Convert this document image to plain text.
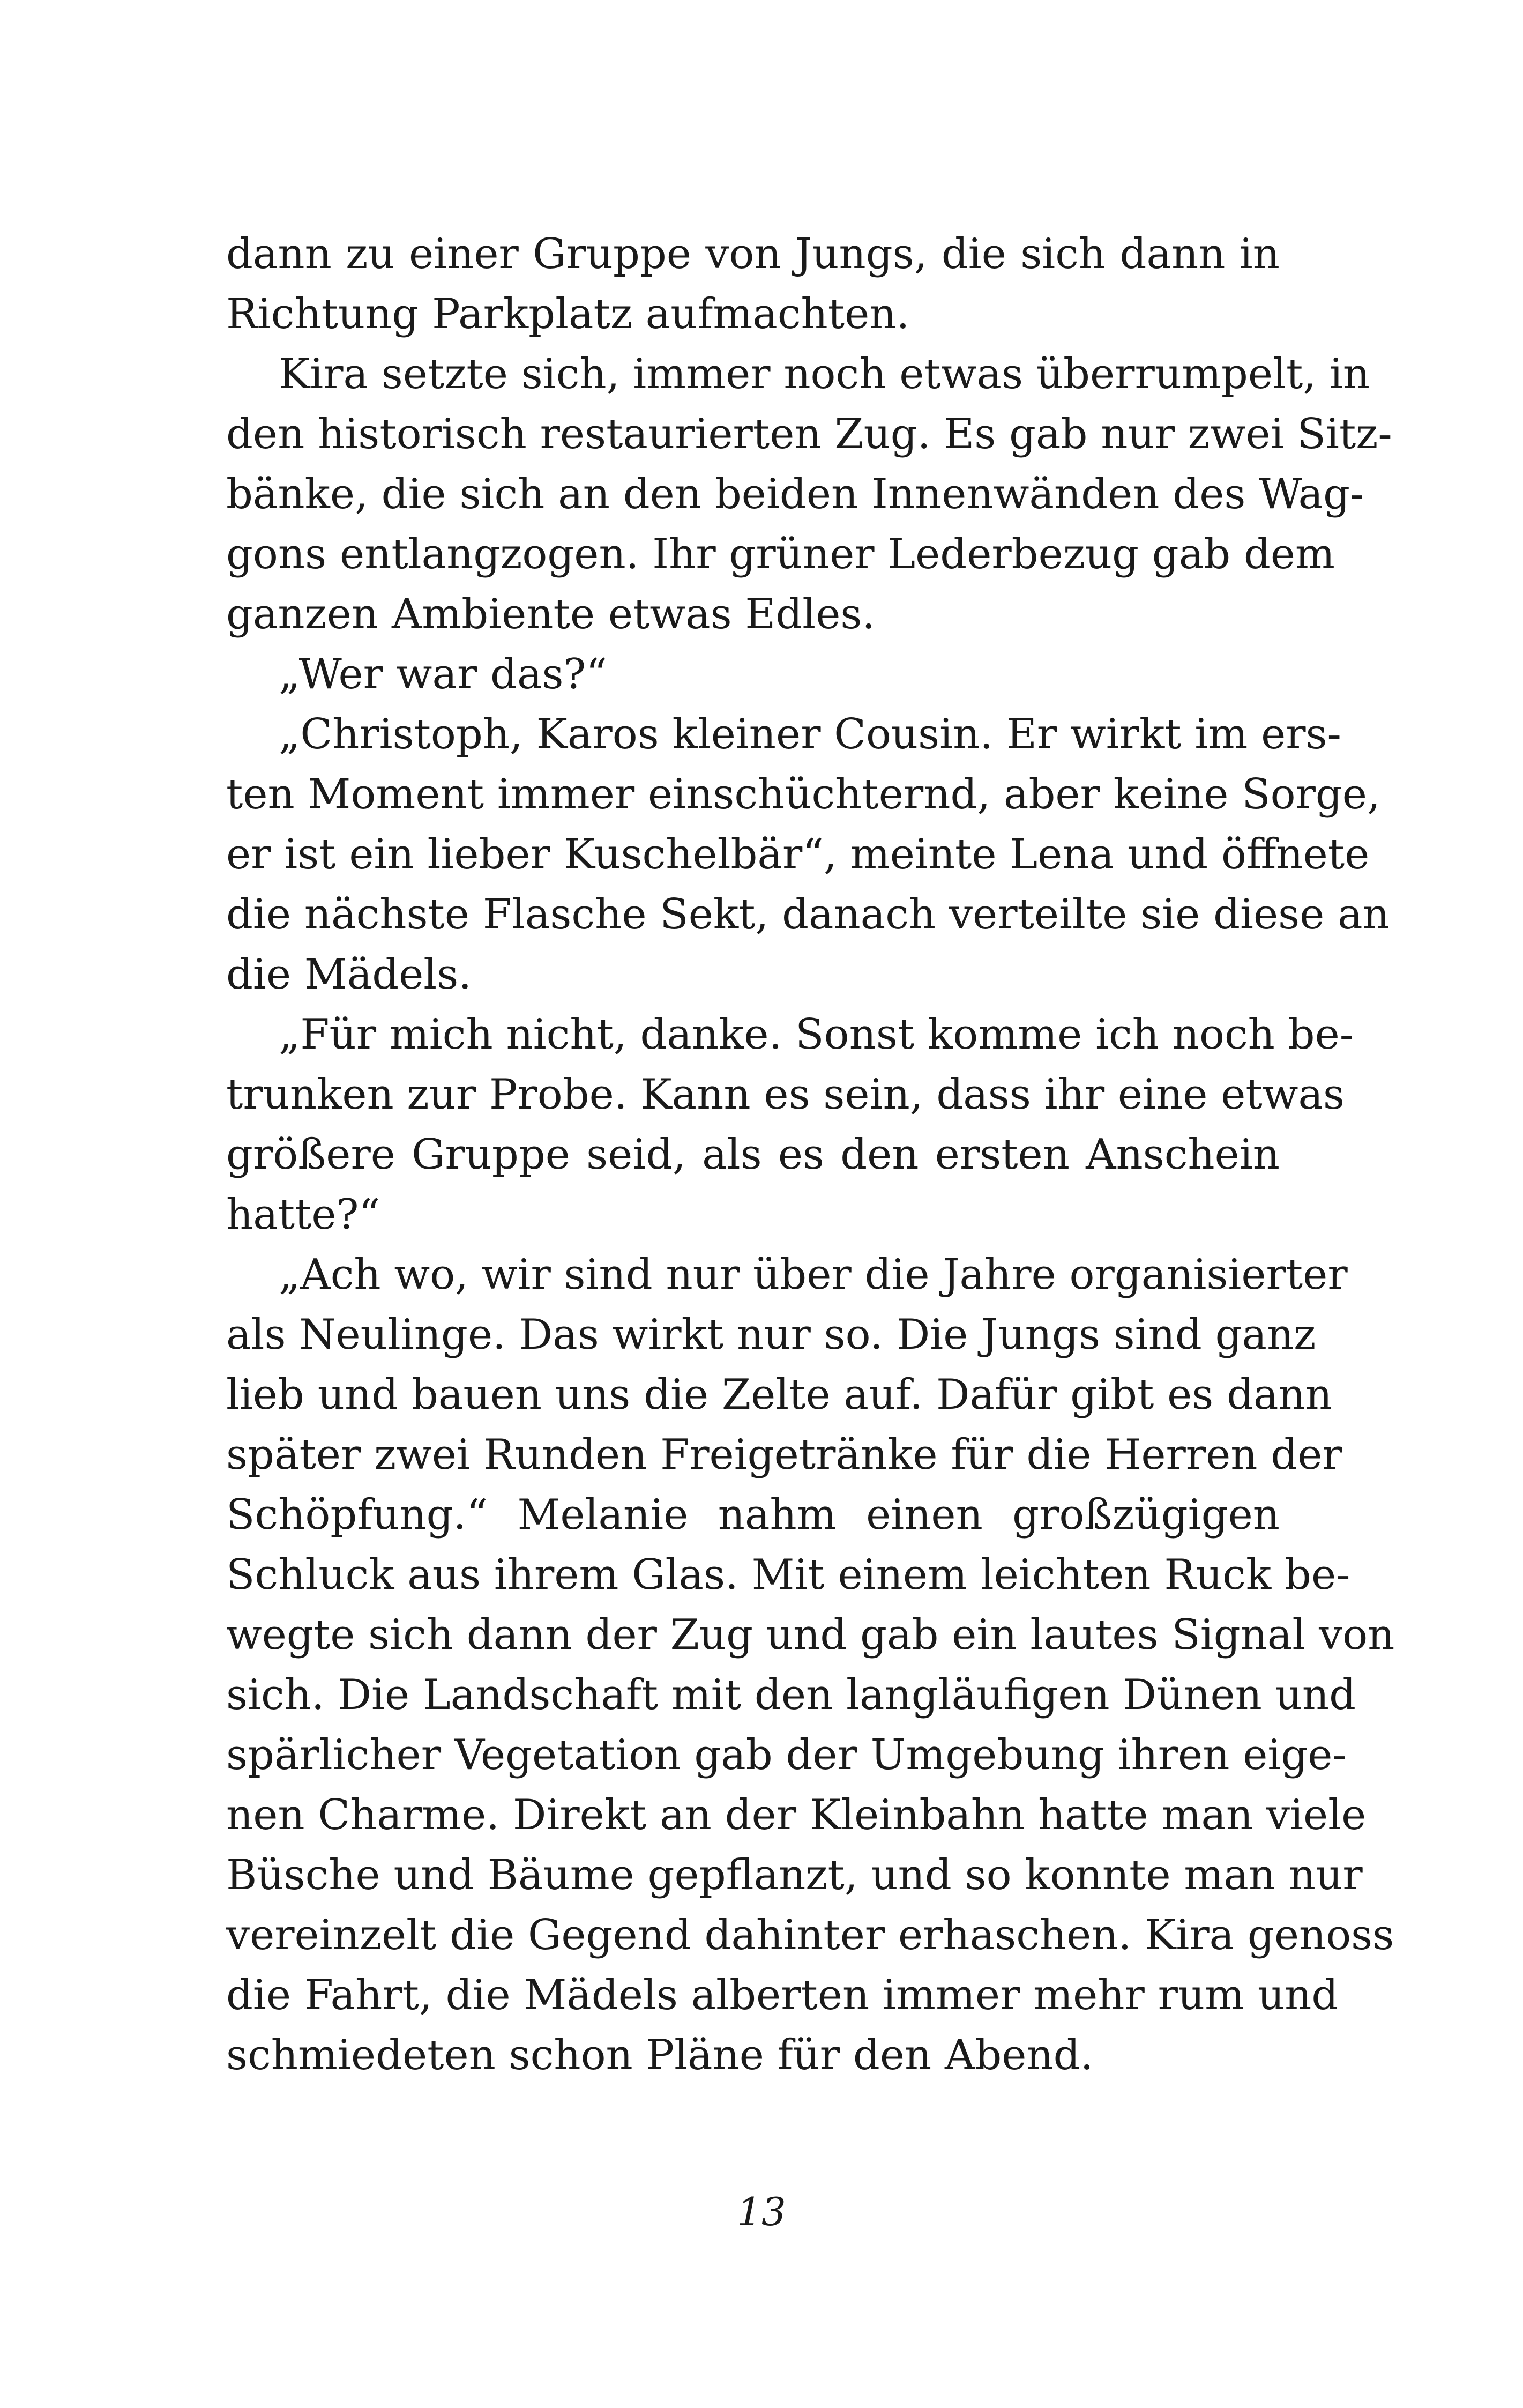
dann zu einer Gruppe von Jungs, die sich dann in
Richtung Parkplatz aufmachten.
Kira setzte sich, immer noch etwas überrumpelt, in
den historisch restaurierten Zug. Es gab nur zwei Sitz-
bänke, die sich an den beiden Innenwänden des Wag-
gons entlangzogen. Ihr grüner Lederbezug gab dem
ganzen Ambiente etwas Edles.
„Wer war das?“
„Christoph, Karos kleiner Cousin. Er wirkt im ers-
ten Moment immer einschüchternd, aber keine Sorge,
er ist ein lieber Kuschelbär“, meinte Lena und öffnete
die nächste Flasche Sekt, danach verteilte sie diese an
die Mädels.
„Für mich nicht, danke. Sonst komme ich noch be-
trunken zur Probe. Kann es sein, dass ihr eine etwas
größere Gruppe seid, als es den ersten Anschein
hatte?“
„Ach wo, wir sind nur über die Jahre organisierter
als Neulinge. Das wirkt nur so. Die Jungs sind ganz
lieb und bauen uns die Zelte auf. Dafür gibt es dann
später zwei Runden Freigetränke für die Herren der
Schöpfung.“ Melanie nahm einen großzügigen
Schluck aus ihrem Glas. Mit einem leichten Ruck be-
wegte sich dann der Zug und gab ein lautes Signal von
sich. Die Landschaft mit den langläufigen Dünen und
spärlicher Vegetation gab der Umgebung ihren eige-
nen Charme. Direkt an der Kleinbahn hatte man viele
Büsche und Bäume gepflanzt, und so konnte man nur
vereinzelt die Gegend dahinter erhaschen. Kira genoss
die Fahrt, die Mädels alberten immer mehr rum und
schmiedeten schon Pläne für den Abend.
13
